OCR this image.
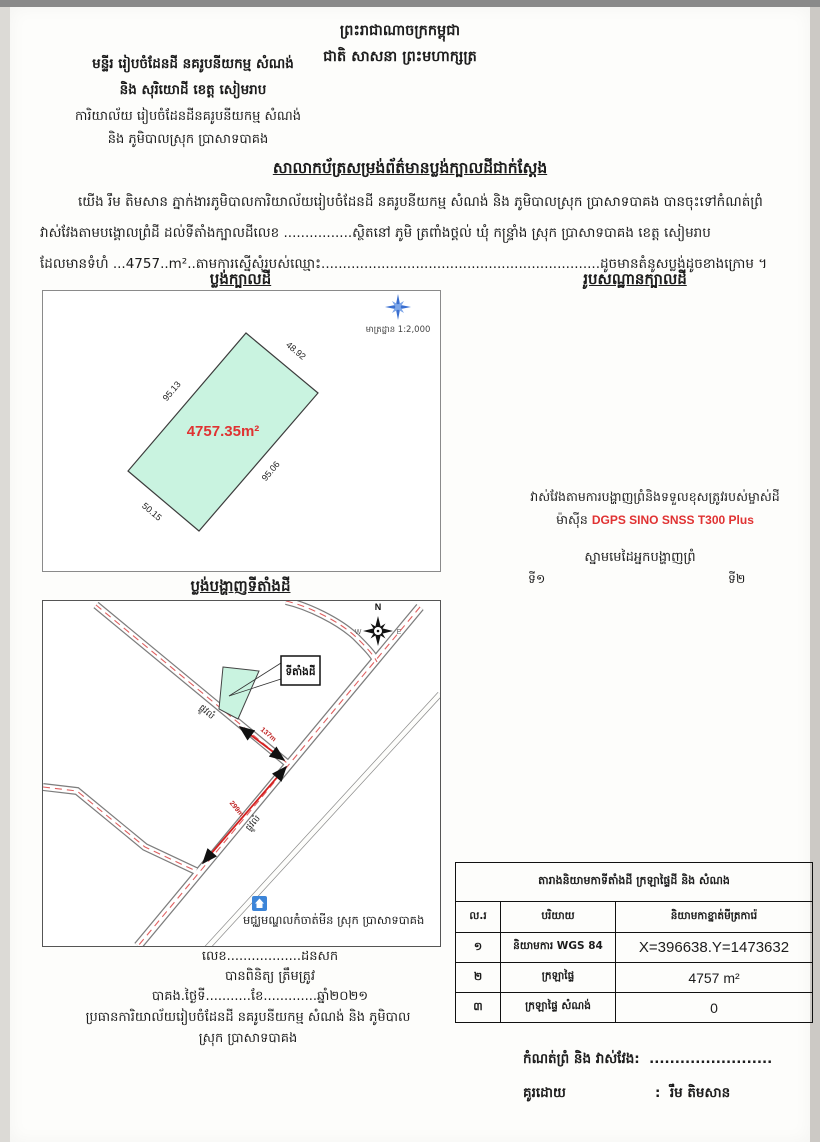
ព្រះរាជាណាចក្រកម្ពុជា
ជាតិ សាសនា ព្រះមហាក្សត្រ
មន្ទីរ រៀបចំដែនដី នគរូបនីយកម្ម សំណង់
និង សុរិយោដី ខេត្ត សៀមរាប
ការិយាល័យ រៀបចំដែនដីនគរូបនីយកម្ម សំណង់
និង ភូមិបាលស្រុក ប្រាសាទបាគង
សាលាកប័ត្រសម្រង់ព័ត៌មានប្លង់ក្បាលដីជាក់ស្តែង
យើង រឹម តិមសាន ភ្នាក់ងារភូមិបាលការិយាល័យរៀបចំដែនដី នគរូបនីយកម្ម សំណង់ និង ភូមិបាលស្រុក ប្រាសាទបាគង បានចុះទៅកំណត់ព្រំ
វាស់វែងតាមបង្គោលព្រំដី ដល់ទីតាំងក្បាលដីលេខ ................ស្ថិតនៅ ភូមិ ត្រពាំងថ្គល់ ឃុំ កន្ទ្រាំង ស្រុក ប្រាសាទបាគង ខេត្ត សៀមរាប
ដែលមានទំហំ ...4757..m²..តាមការស្នើសុំរបស់ឈ្មោះ.................................................................ដូចមានតំនូសប្លង់ដូចខាងក្រោម ។
ប្លង់ក្បាលដី	រូបសណ្ឋានក្បាលដី
48.92
95.13
95.06
50.15
4757.35m²
មាត្រដ្ឋាន 1:2,000
វាស់វែងតាមការបង្ហាញព្រំនិងទទួលខុសត្រូវរបស់ម្ចាស់ដី
ម៉ាស៊ីន DGPS SINO SNSS T300 Plus
ស្នាមមេដៃអ្នកបង្ហាញព្រំ
ទី១	ទី២
ប្លង់បង្ហាញទីតាំងដី
ទីតាំងដី
137m
299m
ផ្លូវលំ
ផ្លូវលំ
N
W	E
មជ្ឈមណ្ឌលកំចាត់មីន ស្រុក ប្រាសាទបាគង
លេខ..................ដនសក
បានពិនិត្យ ត្រឹមត្រូវ
បាគង.ថ្ងៃទី...........ខែ.............ឆ្នាំ២០២១
ប្រធានការិយាល័យរៀបចំដែនដី នគរូបនីយកម្ម សំណង់ និង ភូមិបាល
ស្រុក ប្រាសាទបាគង
តារាងនិយាមកាទីតាំងដី ក្រឡាផ្ទៃដី និង សំណង		
ល.រ	បរិយាយ	និយាមកាខ្នាត់មីត្រការ៉េ
១	និយាមការ WGS 84	X=396638.Y=1473632
២	ក្រឡាផ្ទៃ	4757 m²
៣	ក្រឡាផ្ទៃ សំណង់	0
កំណត់ព្រំ និង វាស់វែង: ........................
គូរដោយ	: រឹម តិមសាន
